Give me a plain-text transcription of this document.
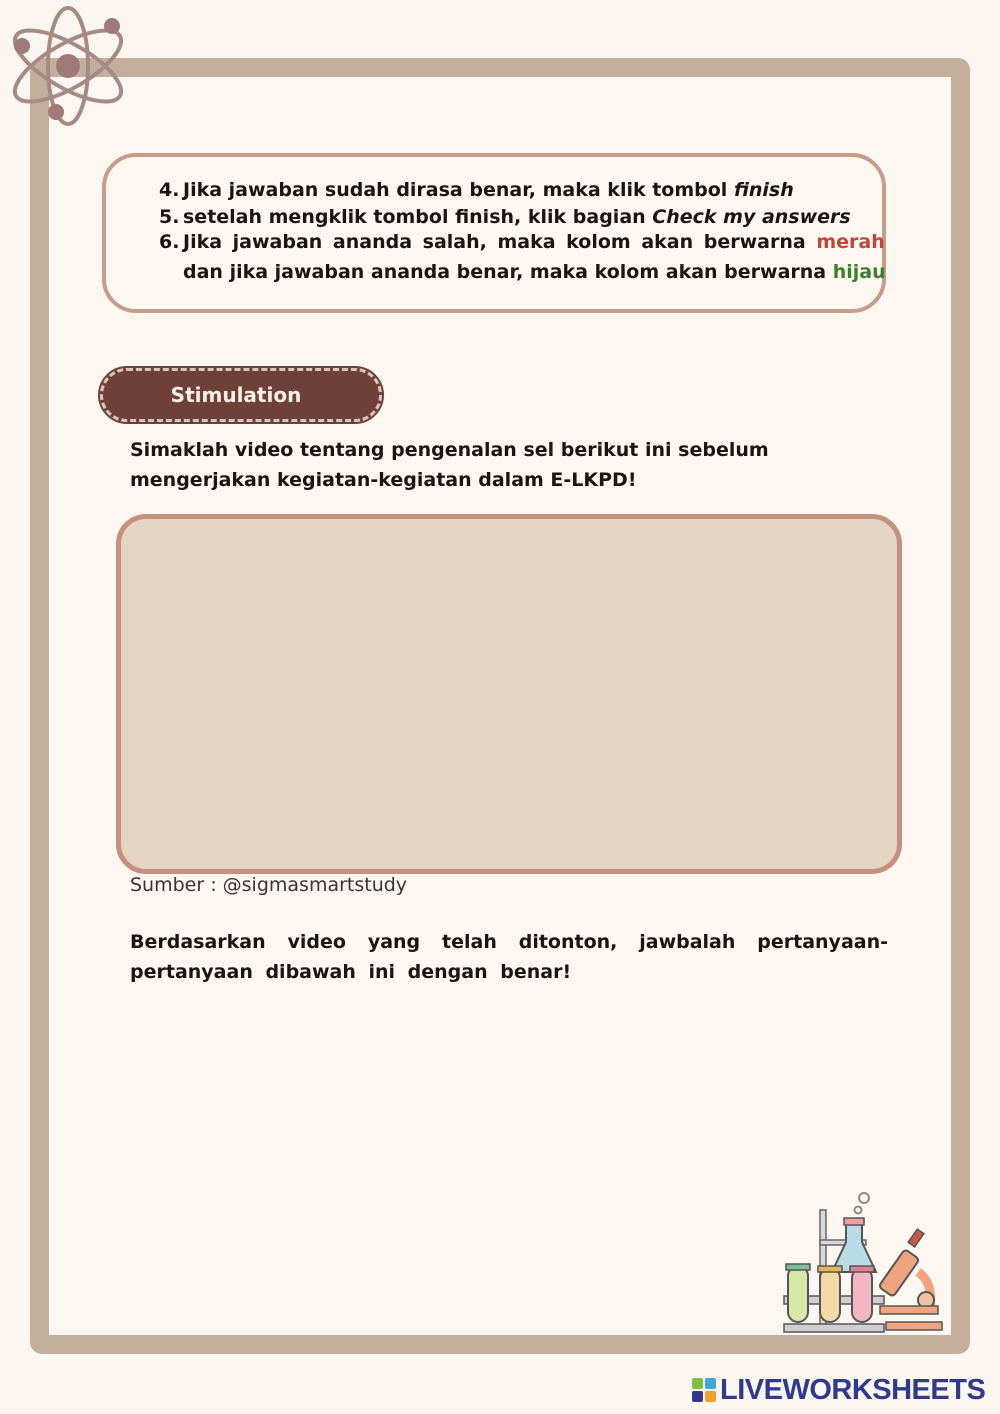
4. Jika jawaban sudah dirasa benar, maka klik tombol finish
5. setelah mengklik tombol finish, klik bagian Check my answers
6. Jika jawaban ananda salah, maka kolom akan berwarna merah
dan jika jawaban ananda benar, maka kolom akan berwarna hijau
Stimulation
Simaklah video tentang pengenalan sel berikut ini sebelum mengerjakan kegiatan-kegiatan dalam E-LKPD!
Sumber : @sigmasmartstudy
Berdasarkan video yang telah ditonton, jawbalah pertanyaan-pertanyaan dibawah ini dengan benar!
LIVEWORKSHEETS
